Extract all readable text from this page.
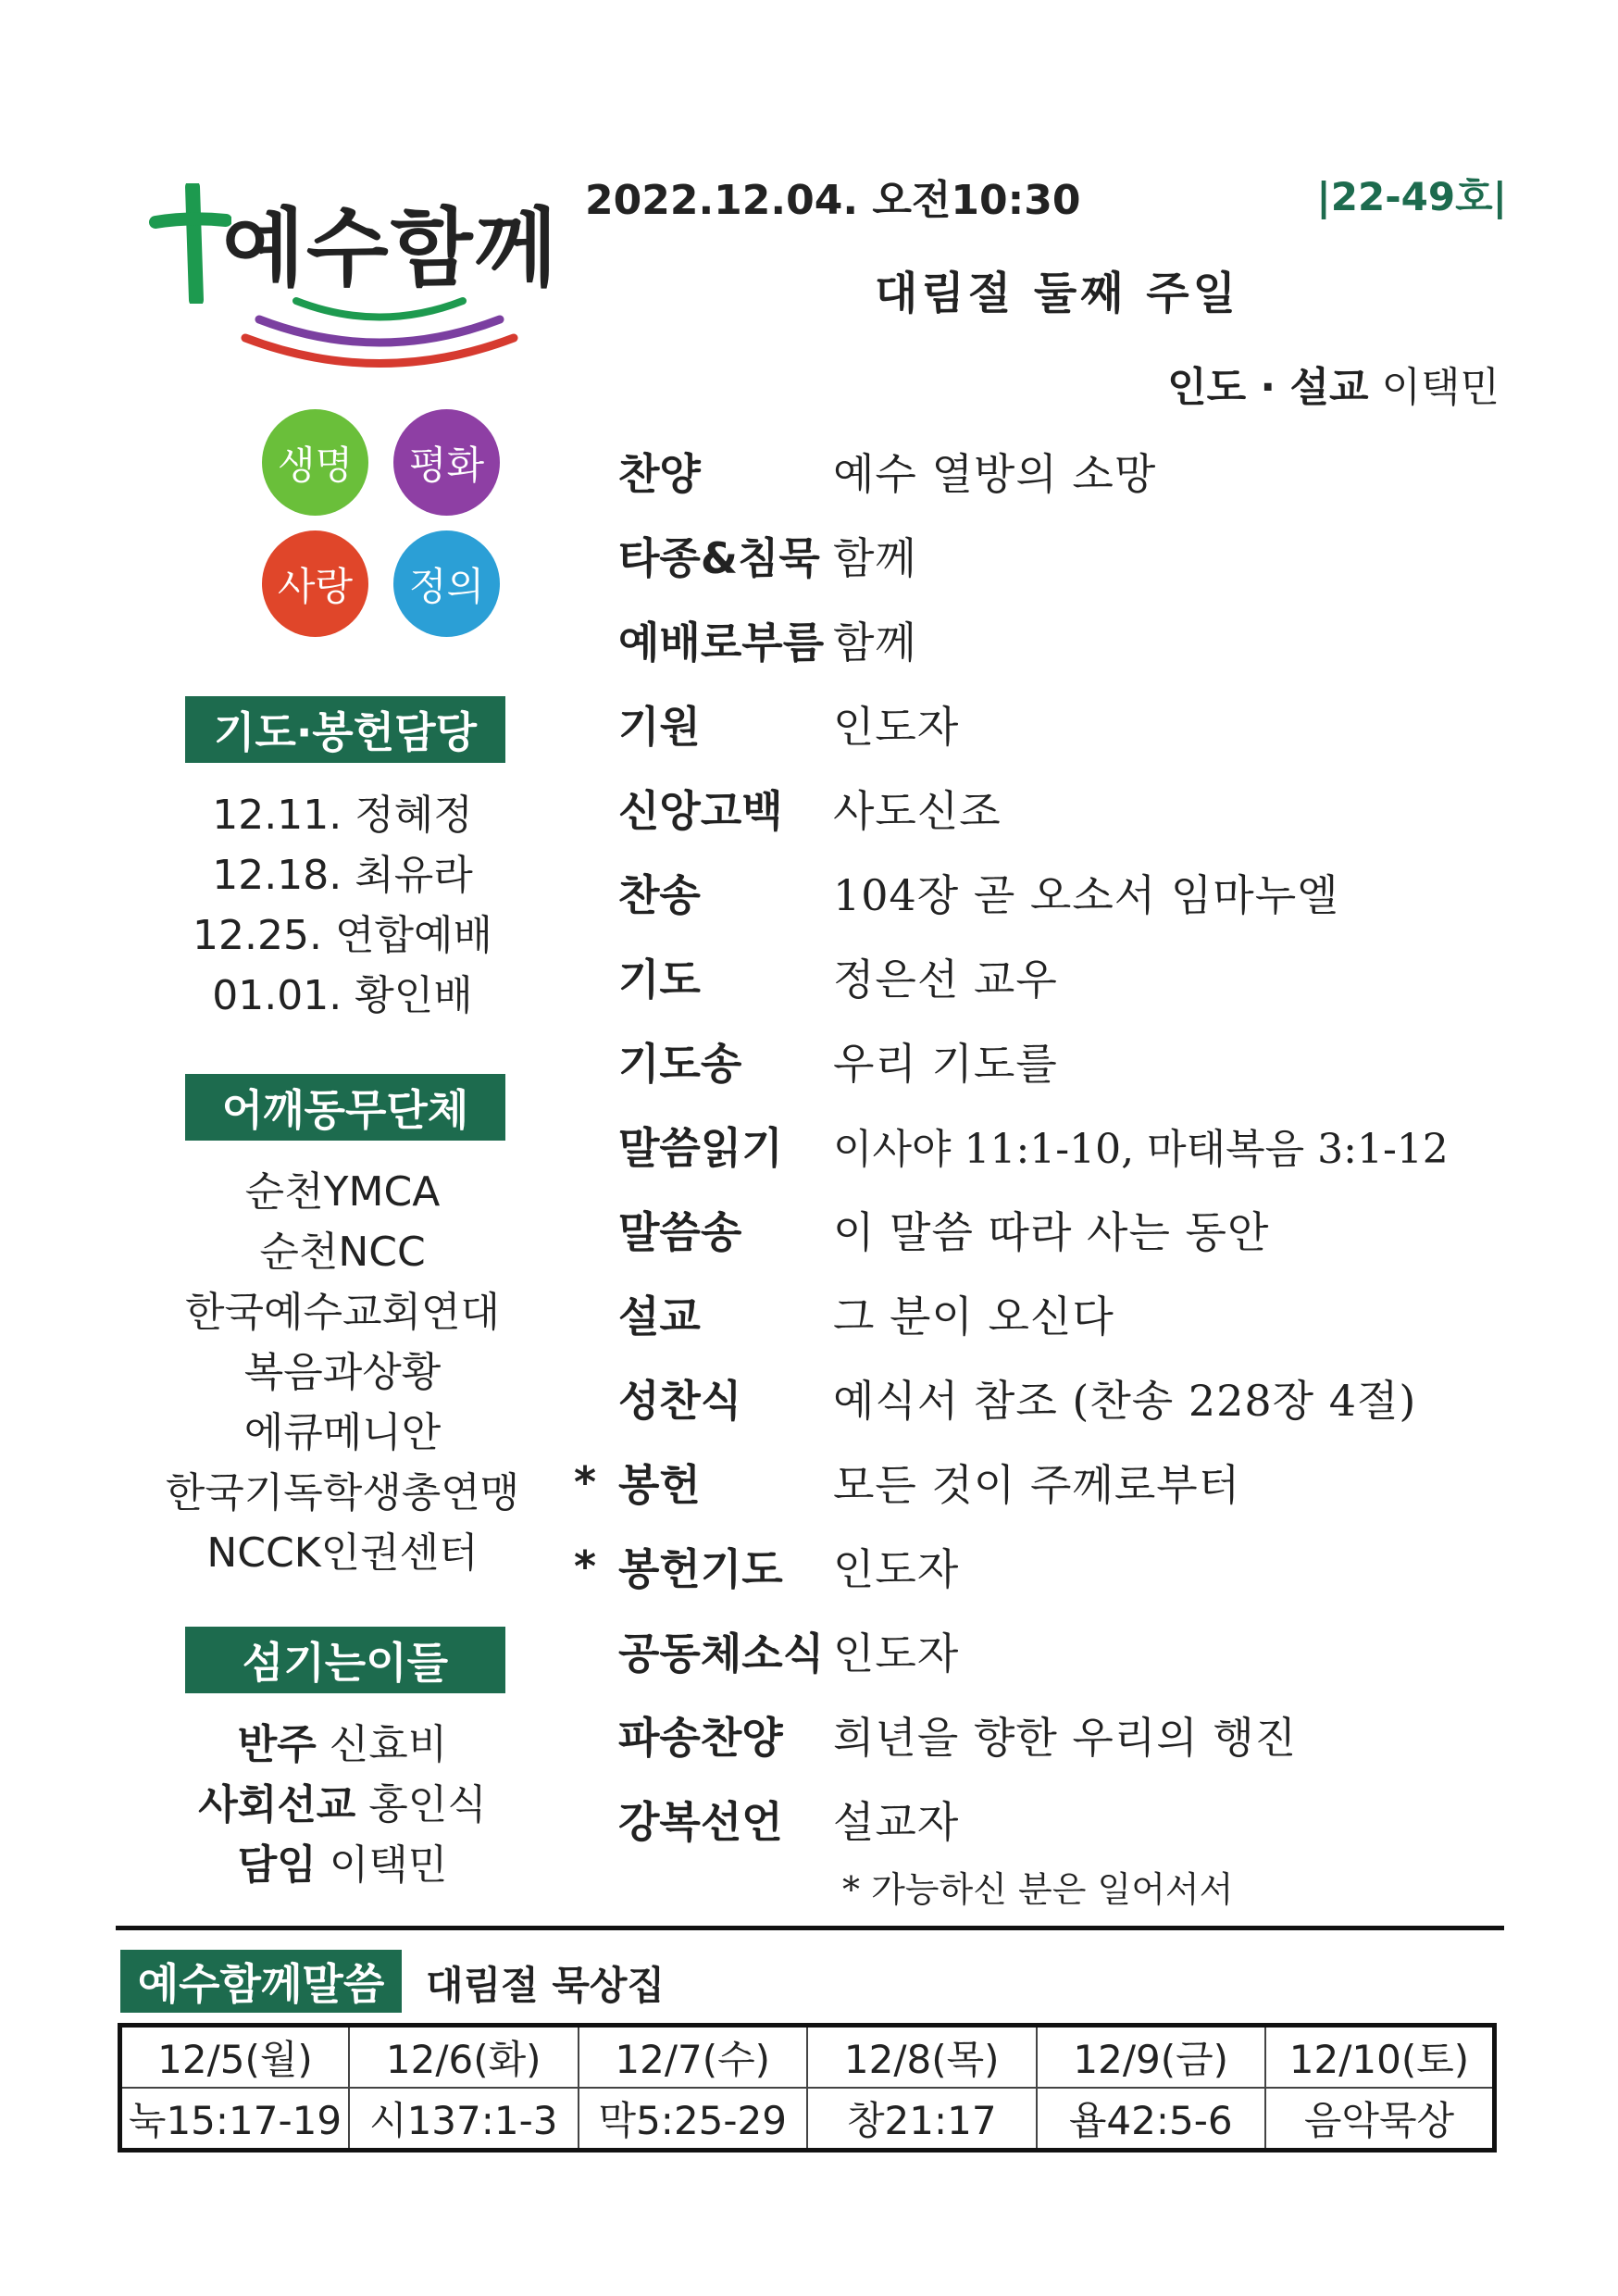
예수함께
생명 평화
사랑 정의
기도·봉헌담당
12.11. 정혜정
12.18. 최유라
12.25. 연합예배
01.01. 황인배
어깨동무단체
순천YMCA
순천NCC
한국예수교회연대
복음과상황
에큐메니안
한국기독학생총연맹
NCCK인권센터
섬기는이들
반주 신효비
사회선교 홍인식
담임 이택민
2022.12.04. 오전10:30	|22-49호|
대림절 둘째 주일
인도 · 설교 이택민
찬양	예수 열방의 소망
타종&침묵 함께
예배로부름 함께
기원	인도자
신앙고백	사도신조
찬송	104장 곧 오소서 임마누엘
기도	정은선 교우
기도송	우리 기도를
말씀읽기	이사야 11:1-10, 마태복음 3:1-12
말씀송	이 말씀 따라 사는 동안
설교	그 분이 오신다
성찬식	예식서 참조 (찬송 228장 4절)
* 봉헌	모든 것이 주께로부터
* 봉헌기도	인도자
공동체소식 인도자
파송찬양	희년을 향한 우리의 행진
강복선언	설교자
* 가능하신 분은 일어서서
예수함께말씀	대림절 묵상집
12/5(월)	12/6(화)	12/7(수)	12/8(목)	12/9(금)	12/10(토)
눅15:17-19	시137:1-3	막5:25-29	창21:17	욥42:5-6	음악묵상
